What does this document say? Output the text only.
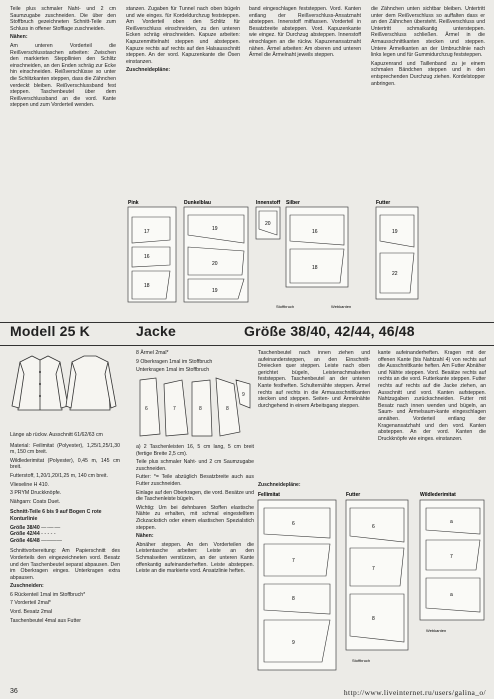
Teile plus schmaler Naht- und 2 cm Saumzugabe zuschneiden. Die über den Stoffbruch gezeichneten Schnitt-Teile zum Schluss in offener Stofflage zuschneiden.

Nähen:

Am unteren Vorderteil die Reißverschlusstaschen arbeiten: Zwischen den markierten Steppllinien den Schlitz einschneiden, an den Enden schräg zur Ecke hin einschneiden. Reißverschlüsse so unter die Schlitzkanten steppen, dass die Zähnchen verdeckt bleiben. Reißverschlussband fest steppen. Taschenbeutel über dem Reißverschlussband an die vord. Kante steppen und zum Vorderteil wenden.

stanzen. Zugaben für Tunnel nach oben bügeln und wie einges. für Kordeldurchzug feststeppen. Am Vorderteil oben den Schlitz für Reißverschluss einschneiden, zu den unteren Ecken schräg einschneiden. Kapuze arbeiten: Kapuzenmittelnaht steppen und absteppen. Kapuze rechts auf rechts auf den Halsausschnitt steppen. An der vord. Kapuzenkante die Ösen einstanzen.

Zuschneidepläne:

band eingeschlagen feststeppen. Vord. Kanten entlang der Reißverschluss-Ansatznaht absteppen. Innenstoff mitfassen. Vorderteil in Besatzbreite absteppen. Vord. Kapuzenkante wie eingez. für Durchzug absteppen. Innenstoff einschlagen an die rückw. Kapuzenansatznaht nähen. Ärmel arbeiten: Am oberen und unteren Ärmel die Ärmelnaht jeweils steppen.

die Zähnchen unten sichtbar bleiben. Untertritt unter dem Reißverschluss so auffalten dass er an den Zähnchen übersteht. Reißverschluss und Untertritt schmalkantig untersteppen. Reißverschluss schließen. Ärmel in die Armausschnittkanten stecken und steppen. Untere Ärmelkanten an der Umbruchlinie nach links legen und für Gummidurchzug feststeppen.

Kapuzenrand und Taillenband zu je einem schmalen Bändchen steppen und in den entsprechenden Durchzug ziehen. Kordelstopper anbringen.

Pink
17
16
18
Dunkelblau
19
20
19
Innenstoff
20
Silber
16
18
Futter
19
22
Stoffbruch	Webkanten
Modell 25 K	Jacke	Größe 38/40, 42/44, 46/48

Länge ab rückw. Ausschnitt 61/62/63 cm

Material: Feilimitat (Polyester), 1,25/1,25/1,30 m, 150 cm breit.

Wildlederimitat (Polyester), 0,45 m, 145 cm breit.

Futterstoff, 1,20/1,20/1,25 m, 140 cm breit.

Vlieseline H 410.

3 PRYM Druckknöpfe.

Nähgarn: Coats Duet.

Schnitt-Teile 6 bis 9 auf Bogen C rote Konturlinie

Größe 38/40 —·—·—
Größe 42/44 - - - - -
Größe 46/48 ————

Schnittvorbereitung: Am Papierschnitt des Vorderteils den eingezeichneten vord. Besatz und den Taschenbeutel separat abpausen. Den im Oberkragen einges. Unterkragen extra abpausen.

Zuschneiden:

6 Rückenteil 1mal im Stoffbruch*

7 Vorderteil 2mal*

Vord. Besatz 2mal

Taschenbeutel 4mal aus Futter

8 Ärmel 2mal*

9 Oberkragen 1mal im Stoffbruch

Unterkragen 1mal im Stoffbruch

6	7	8	8
9

a) 2 Taschenleisten 16, 5 cm lang, 5 cm breit (fertige Breite 2,5 cm).

Teile plus schmaler Naht- und 2 cm Saumzugabe zuschneiden.

Futter: *= Teile abzüglich Besatzbreite auch aus Futter zuschneiden.

Einlage auf den Oberkragen, die vord. Besätze und die Taschenleiste bügeln.

Wichtig: Um bei dehnbaren Stoffen elastische Nähte zu erhalten, mit schmal eingestelltem Zickzackstich oder einem elastischen Spezialstich steppen.

Nähen:

Abnäher steppen. An den Vorderteilen die Leistentasche arbeiten: Leiste an den Schmalseiten verstürzen, an der unteren Kante offenkantig aufeinanderheften. Leiste absteppen. Leiste an die markierte vord. Ansatzlinie heften.

Taschenbeutel nach innen ziehen und aufeinandersteppen, an den Einschnitt-Dreiecken quer steppen. Leiste nach oben gerichtet bügeln, Leistenschmalseiten feststeppen. Taschenbeutel an der unteren Kante festheften. Schulternähte steppen. Ärmel rechts auf rechts in die Armausschnittkanten stecken und steppen. Seiten- und Ärmelnähte durchgehend in einem Arbeitsgang steppen.

kante aufeinanderheften. Kragen mit der offenen Kante (bis Nahtzahl 4) von rechts auf die Ausschnittkante heften. Am Futter Abnäher und Nähte steppen. Vord. Besätze rechts auf rechts an die vord. Futterkante steppen. Futter rechts auf rechts auf die Jacke ziehen, an Ausschnitt und vord. Kanten aufsteppen. Nahtzugaben zurückschneiden. Futter mit Besatz nach innen wenden und bügeln, an Saum- und Ärmelsaum-kante eingeschlagen annähen. Vorderteil entlang der Kragenansatzhaht und den vord. Kanten absteppen. An der vord. Kanten die Druckknöpfe wie einges. einstanzen.

Zuschneidepläne:
Fellimitat
6
7
8
9
Futter
6
7
8
Wildlederimitat
a
7
a
Stoffbruch
Webkanten
36	http://www.liveinternet.ru/users/galina_o/
